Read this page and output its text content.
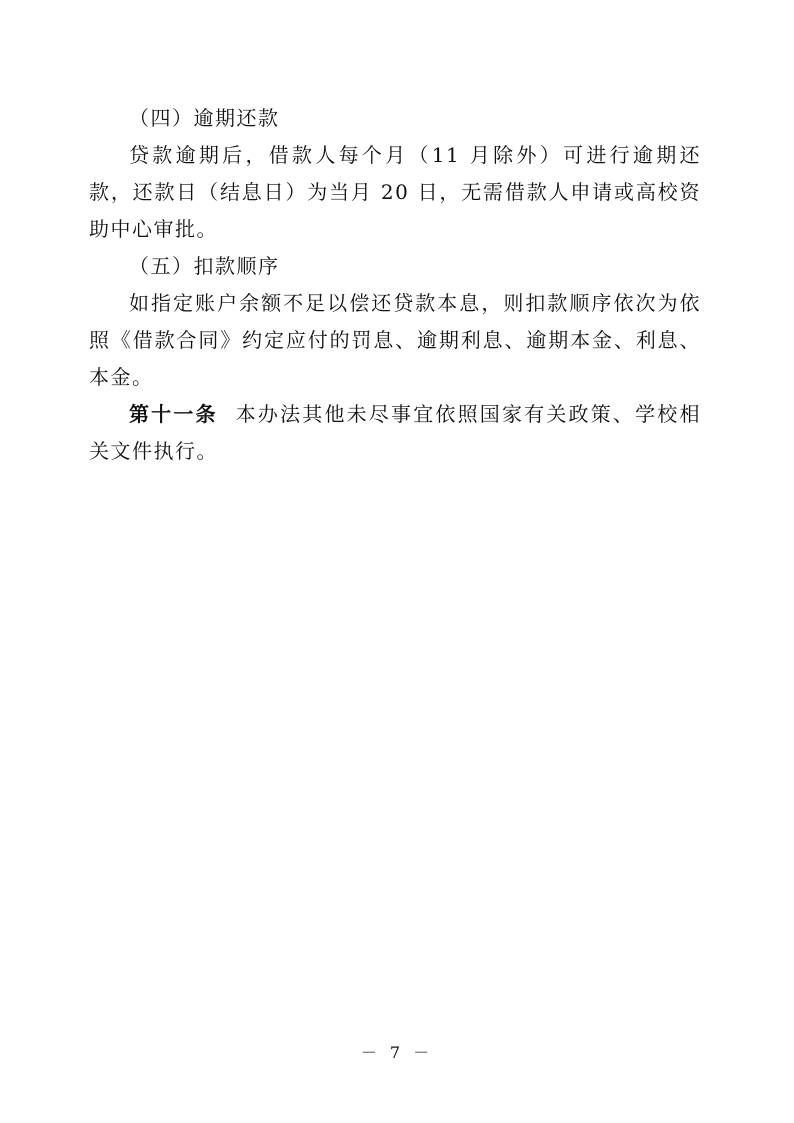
（四）逾期还款

贷款逾期后，借款人每个月（11 月除外）可进行逾期还款，还款日（结息日）为当月 20 日，无需借款人申请或高校资助中心审批。

（五）扣款顺序

如指定账户余额不足以偿还贷款本息，则扣款顺序依次为依照《借款合同》约定应付的罚息、逾期利息、逾期本金、利息、本金。

第十一条 本办法其他未尽事宜依照国家有关政策、学校相关文件执行。

－ 7 －
